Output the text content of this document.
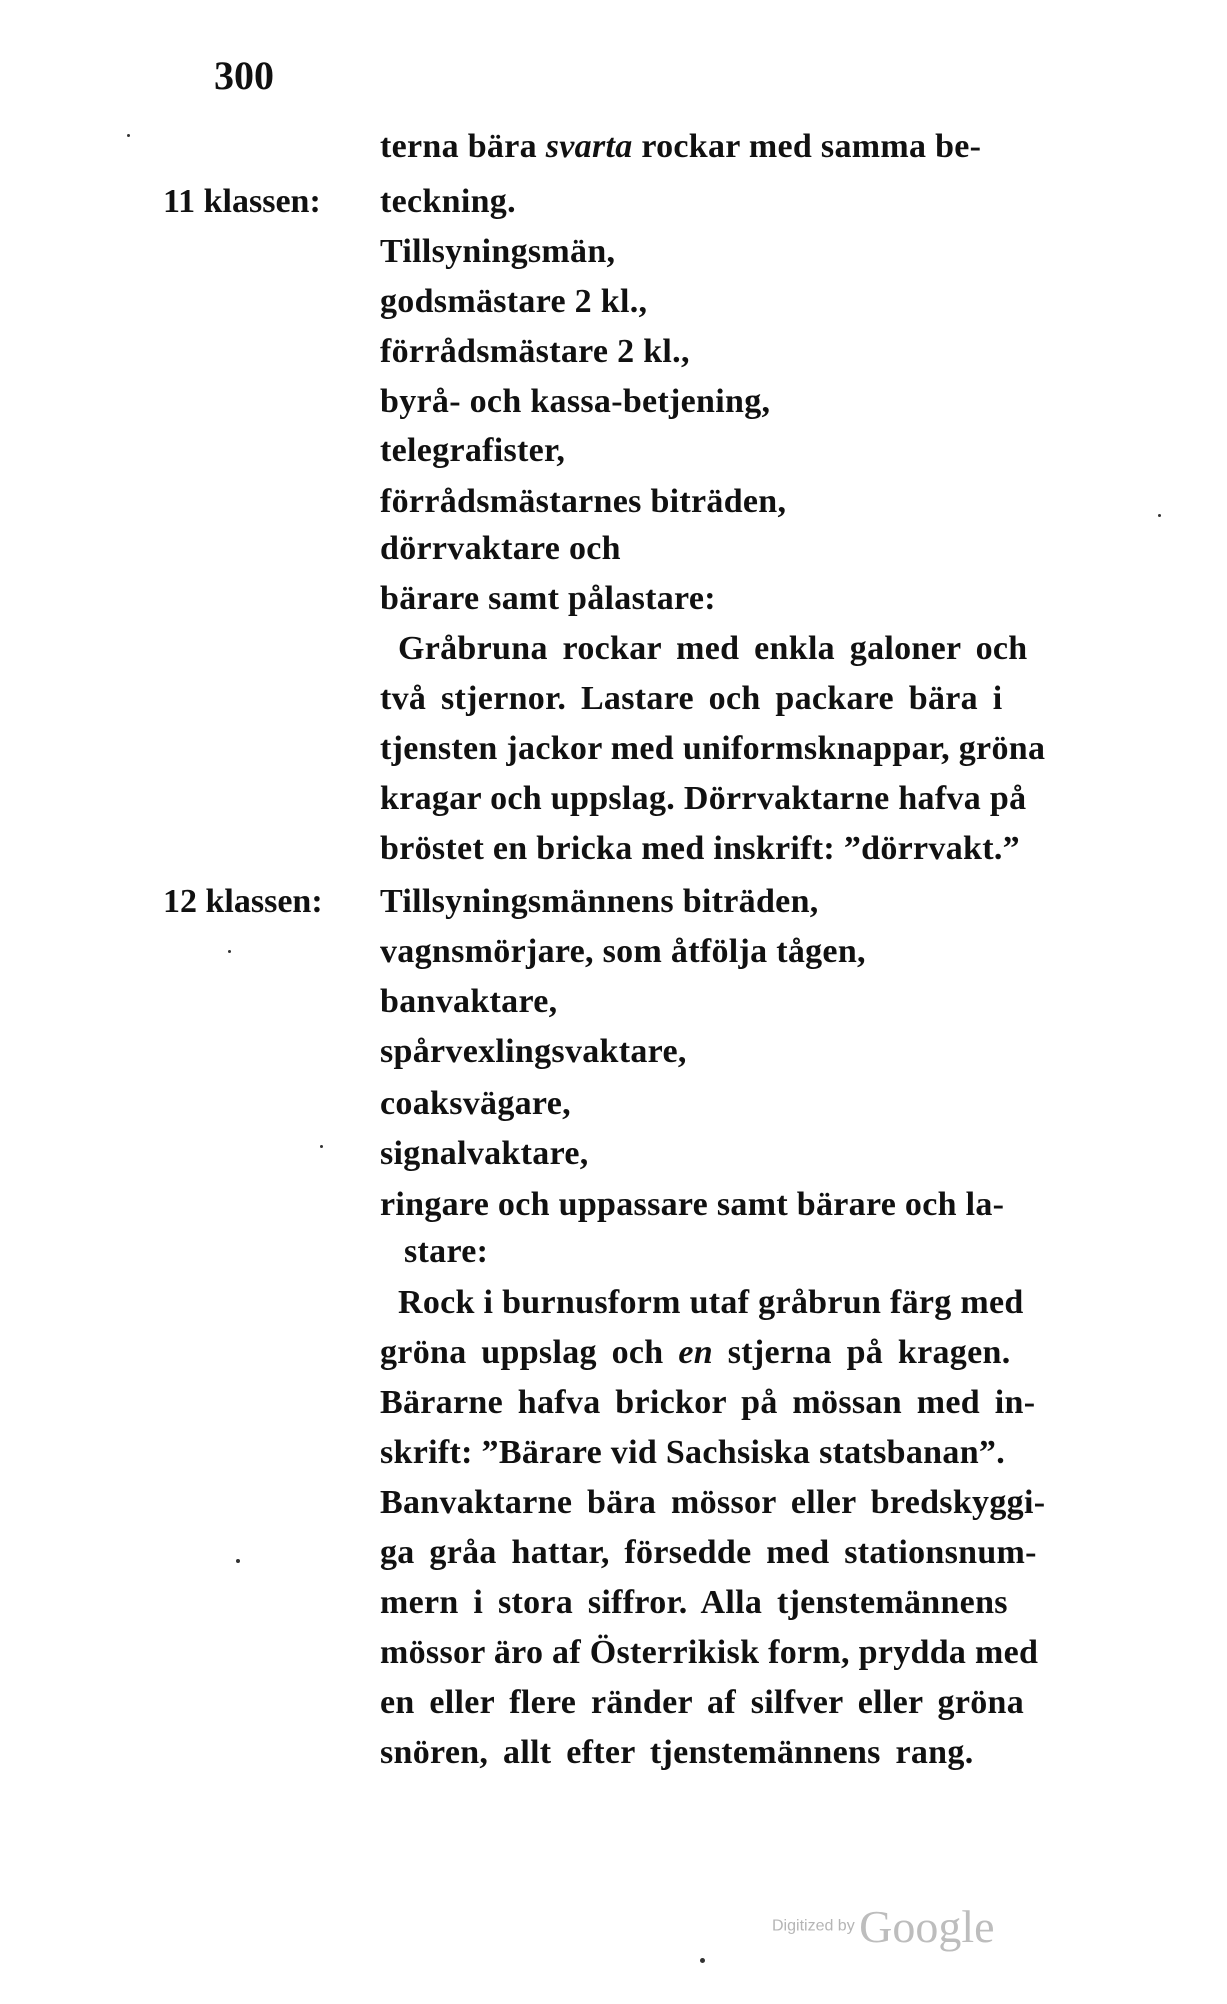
300
11 klassen:
12 klassen:
terna bära svarta rockar med samma be-
teckning.
Tillsyningsmän,
godsmästare 2 kl.,
förrådsmästare 2 kl.,
byrå- och kassa-betjening,
telegrafister,
förrådsmästarnes biträden,
dörrvaktare och
bärare samt pålastare:
Gråbruna rockar med enkla galoner och
två stjernor. Lastare och packare bära i
tjensten jackor med uniformsknappar, gröna
kragar och uppslag. Dörrvaktarne hafva på
bröstet en bricka med inskrift: ”dörrvakt.”
Tillsyningsmännens biträden,
vagnsmörjare, som åtfölja tågen,
banvaktare,
spårvexlingsvaktare,
coaksvägare,
signalvaktare,
ringare och uppassare samt bärare och la-
stare:
Rock i burnusform utaf gråbrun färg med
gröna uppslag och en stjerna på kragen.
Bärarne hafva brickor på mössan med in-
skrift: ”Bärare vid Sachsiska statsbanan”.
Banvaktarne bära mössor eller bredskyggi-
ga gråa hattar, försedde med stationsnum-
mern i stora siffror. Alla tjenstemännens
mössor äro af Österrikisk form, prydda med
en eller flere ränder af silfver eller gröna
snören, allt efter tjenstemännens rang.
Digitized by Google
